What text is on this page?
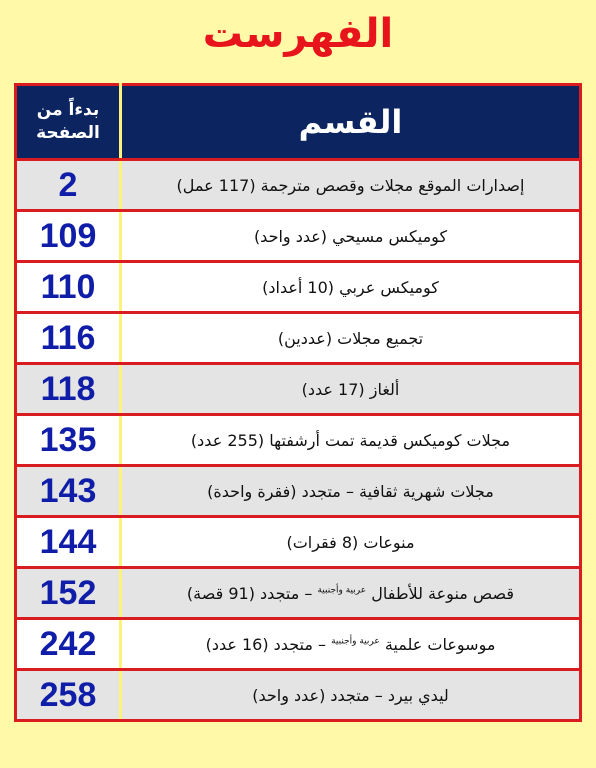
الفهرست
بدءاً من الصفحة	القسم
2	إصدارات الموقع مجلات وقصص مترجمة (117 عمل)
109	كوميكس مسيحي (عدد واحد)
110	كوميكس عربي (10 أعداد)
116	تجميع مجلات (عددين)
118	ألغاز (17 عدد)
135	مجلات كوميكس قديمة تمت أرشفتها (255 عدد)
143	مجلات شهرية ثقافية – متجدد (فقرة واحدة)
144	منوعات (8 فقرات)
152	قصص منوعة للأطفال $^{عربية وأجنبية}$ – متجدد (91 قصة)
242	موسوعات علمية $^{عربية وأجنبية}$ – متجدد (16 عدد)
258	ليدي بيرد – متجدد (عدد واحد)
